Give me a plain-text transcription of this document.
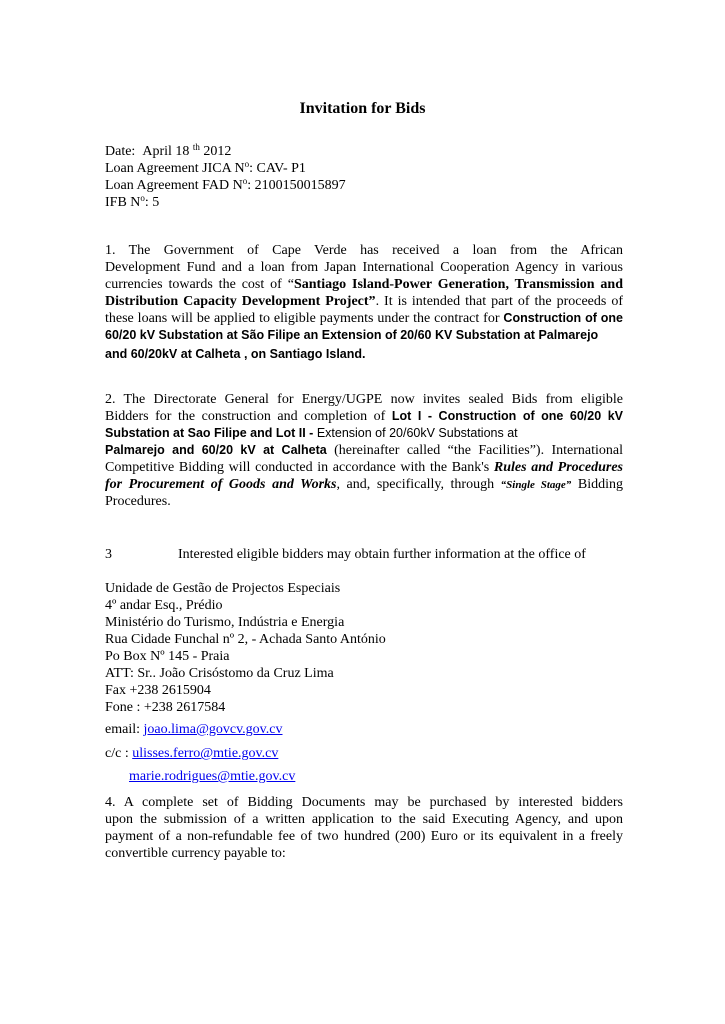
Invitation for Bids
Date: April 18 $^{th}$ 2012
Loan Agreement JICA $N^o$: CAV- P1
Loan Agreement FAD $N^o$: 2100150015897
IFB $N^o$: 5
1. The Government of Cape Verde has received a loan from the African
Development Fund and a loan from Japan International Cooperation Agency in various
currencies towards the cost of “Santiago Island-Power Generation, Transmission and
Distribution Capacity Development Project”. It is intended that part of the proceeds of
these loans will be applied to eligible payments under the contract for Construction of one
60/20 kV Substation at São Filipe an Extension of 20/60 KV Substation at Palmarejo
and 60/20kV at Calheta , on Santiago Island.
2. The Directorate General for Energy/UGPE now invites sealed Bids from eligible
Bidders for the construction and completion of Lot I - Construction of one 60/20 kV
Substation at Sao Filipe and Lot II - Extension of 20/60kV Substations at
Palmarejo and 60/20 kV at Calheta (hereinafter called “the Facilities”). International
Competitive Bidding will conducted in accordance with the Bank's Rules and Procedures
for Procurement of Goods and Works, and, specifically, through “Single Stage” Bidding
Procedures.
3	Interested eligible bidders may obtain further information at the office of
Unidade de Gestão de Projectos Especiais
4º andar Esq., Prédio
Ministério do Turismo, Indústria e Energia
Rua Cidade Funchal nº 2, - Achada Santo António
Po Box Nº 145 - Praia
ATT: Sr.. João Crisóstomo da Cruz Lima
Fax +238 2615904
Fone : +238 2617584
email: joao.lima@govcv.gov.cv
c/c : ulisses.ferro@mtie.gov.cv
marie.rodrigues@mtie.gov.cv
4. A complete set of Bidding Documents may be purchased by interested bidders
upon the submission of a written application to the said Executing Agency, and upon
payment of a non-refundable fee of two hundred (200) Euro or its equivalent in a freely
convertible currency payable to:
